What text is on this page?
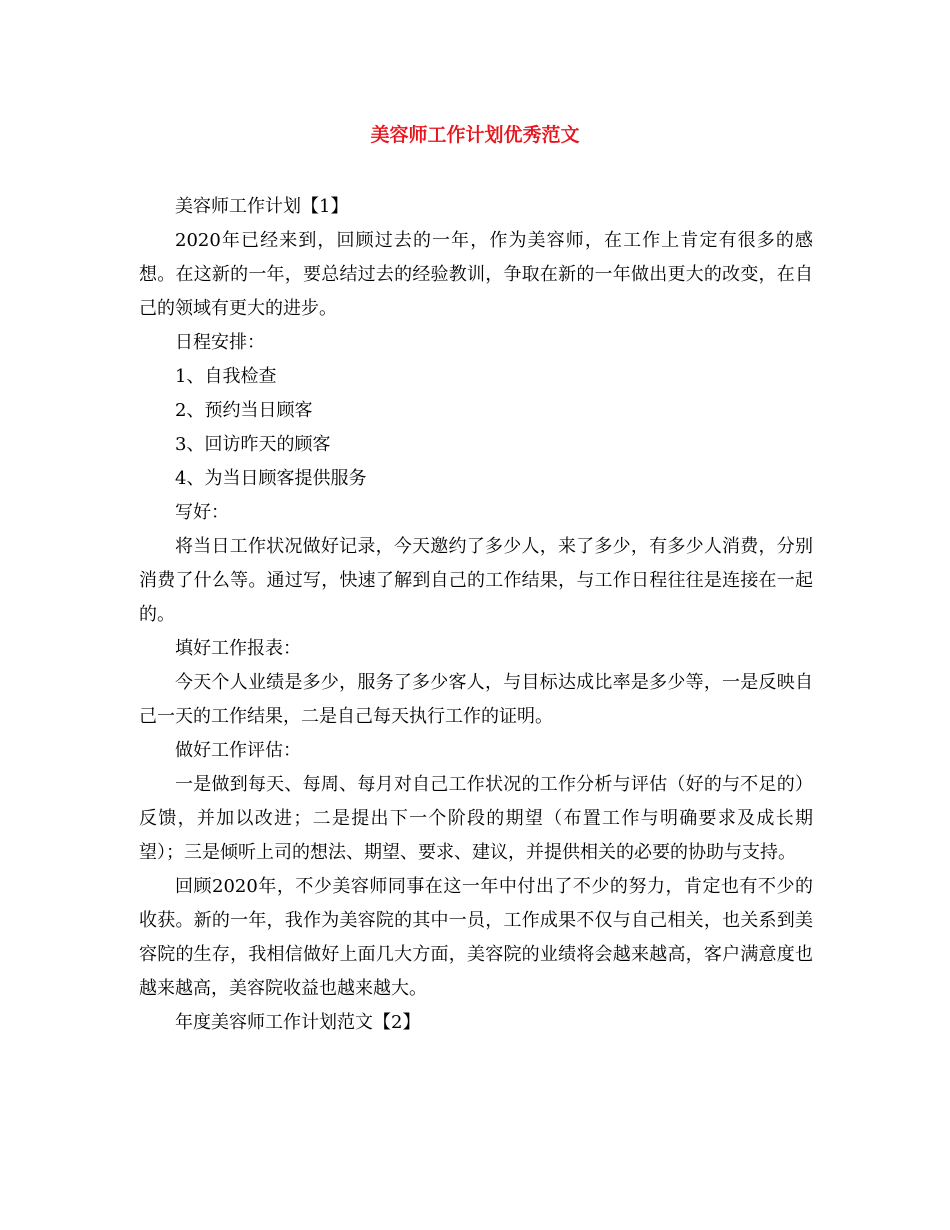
美容师工作计划优秀范文

美容师工作计划【1】

2020年已经来到，回顾过去的一年，作为美容师，在工作上肯定有很多的感想。在这新的一年，要总结过去的经验教训，争取在新的一年做出更大的改变，在自己的领域有更大的进步。

日程安排：

1、自我检查

2、预约当日顾客

3、回访昨天的顾客

4、为当日顾客提供服务

写好：

将当日工作状况做好记录，今天邀约了多少人，来了多少，有多少人消费，分别消费了什么等。通过写，快速了解到自己的工作结果，与工作日程往往是连接在一起的。

填好工作报表：

今天个人业绩是多少，服务了多少客人，与目标达成比率是多少等，一是反映自己一天的工作结果，二是自己每天执行工作的证明。

做好工作评估：

一是做到每天、每周、每月对自己工作状况的工作分析与评估（好的与不足的）反馈，并加以改进；二是提出下一个阶段的期望（布置工作与明确要求及成长期望）；三是倾听上司的想法、期望、要求、建议，并提供相关的必要的协助与支持。

回顾2020年，不少美容师同事在这一年中付出了不少的努力，肯定也有不少的收获。新的一年，我作为美容院的其中一员，工作成果不仅与自己相关，也关系到美容院的生存，我相信做好上面几大方面，美容院的业绩将会越来越高，客户满意度也越来越高，美容院收益也越来越大。

年度美容师工作计划范文【2】
